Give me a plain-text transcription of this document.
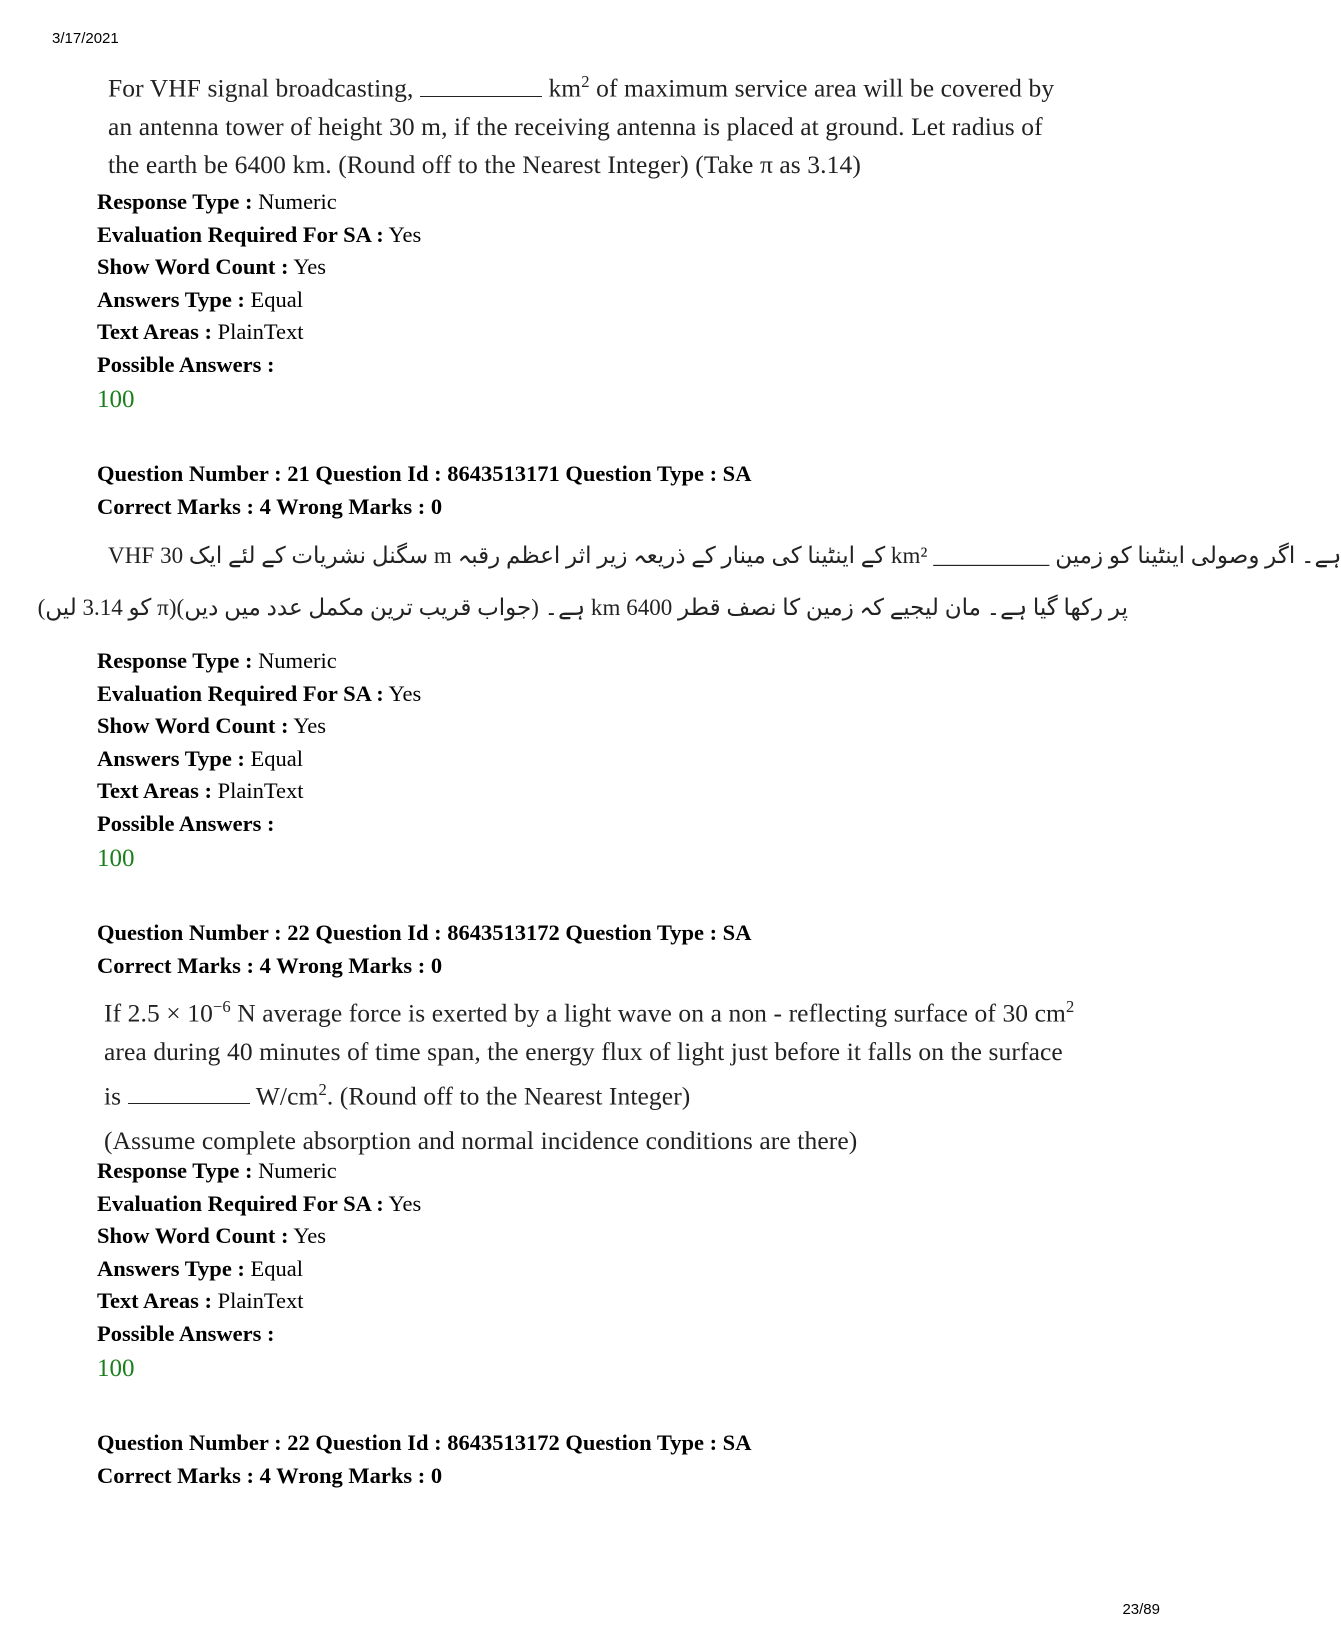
3/17/2021
For VHF signal broadcasting,	$km^2$ of maximum service area will be covered by
an antenna tower of height 30 m, if the receiving antenna is placed at ground. Let radius of
the earth be 6400 km. (Round off to the Nearest Integer) (Take π as 3.14)
Response Type : Numeric
Evaluation Required For SA : Yes
Show Word Count : Yes
Answers Type : Equal
Text Areas : PlainText
Possible Answers :
100
Question Number : 21 Question Id : 8643513171 Question Type : SA
Correct Marks : 4 Wrong Marks : 0
VHF سگنل نشریات کے لئے ایک 30 m کے اینٹینا کی مینار کے ذریعہ زیر اثر اعظم رقبہ km² __________ ہے۔ اگر وصولی اینٹینا کو زمین
پر رکھا گیا ہے۔ مان لیجیے کہ زمین کا نصف قطر 6400 km ہے۔ (جواب قریب ترین مکمل عدد میں دیں)(π کو 3.14 لیں)
Response Type : Numeric
Evaluation Required For SA : Yes
Show Word Count : Yes
Answers Type : Equal
Text Areas : PlainText
Possible Answers :
100
Question Number : 22 Question Id : 8643513172 Question Type : SA
Correct Marks : 4 Wrong Marks : 0
If $2.5 \times 10^{-6}$ N average force is exerted by a light wave on a non - reflecting surface of 30 $cm^2$
area during 40 minutes of time span, the energy flux of light just before it falls on the surface
is	$W/cm^2$. (Round off to the Nearest Integer)
(Assume complete absorption and normal incidence conditions are there)
Response Type : Numeric
Evaluation Required For SA : Yes
Show Word Count : Yes
Answers Type : Equal
Text Areas : PlainText
Possible Answers :
100
Question Number : 22 Question Id : 8643513172 Question Type : SA
Correct Marks : 4 Wrong Marks : 0
23/89
